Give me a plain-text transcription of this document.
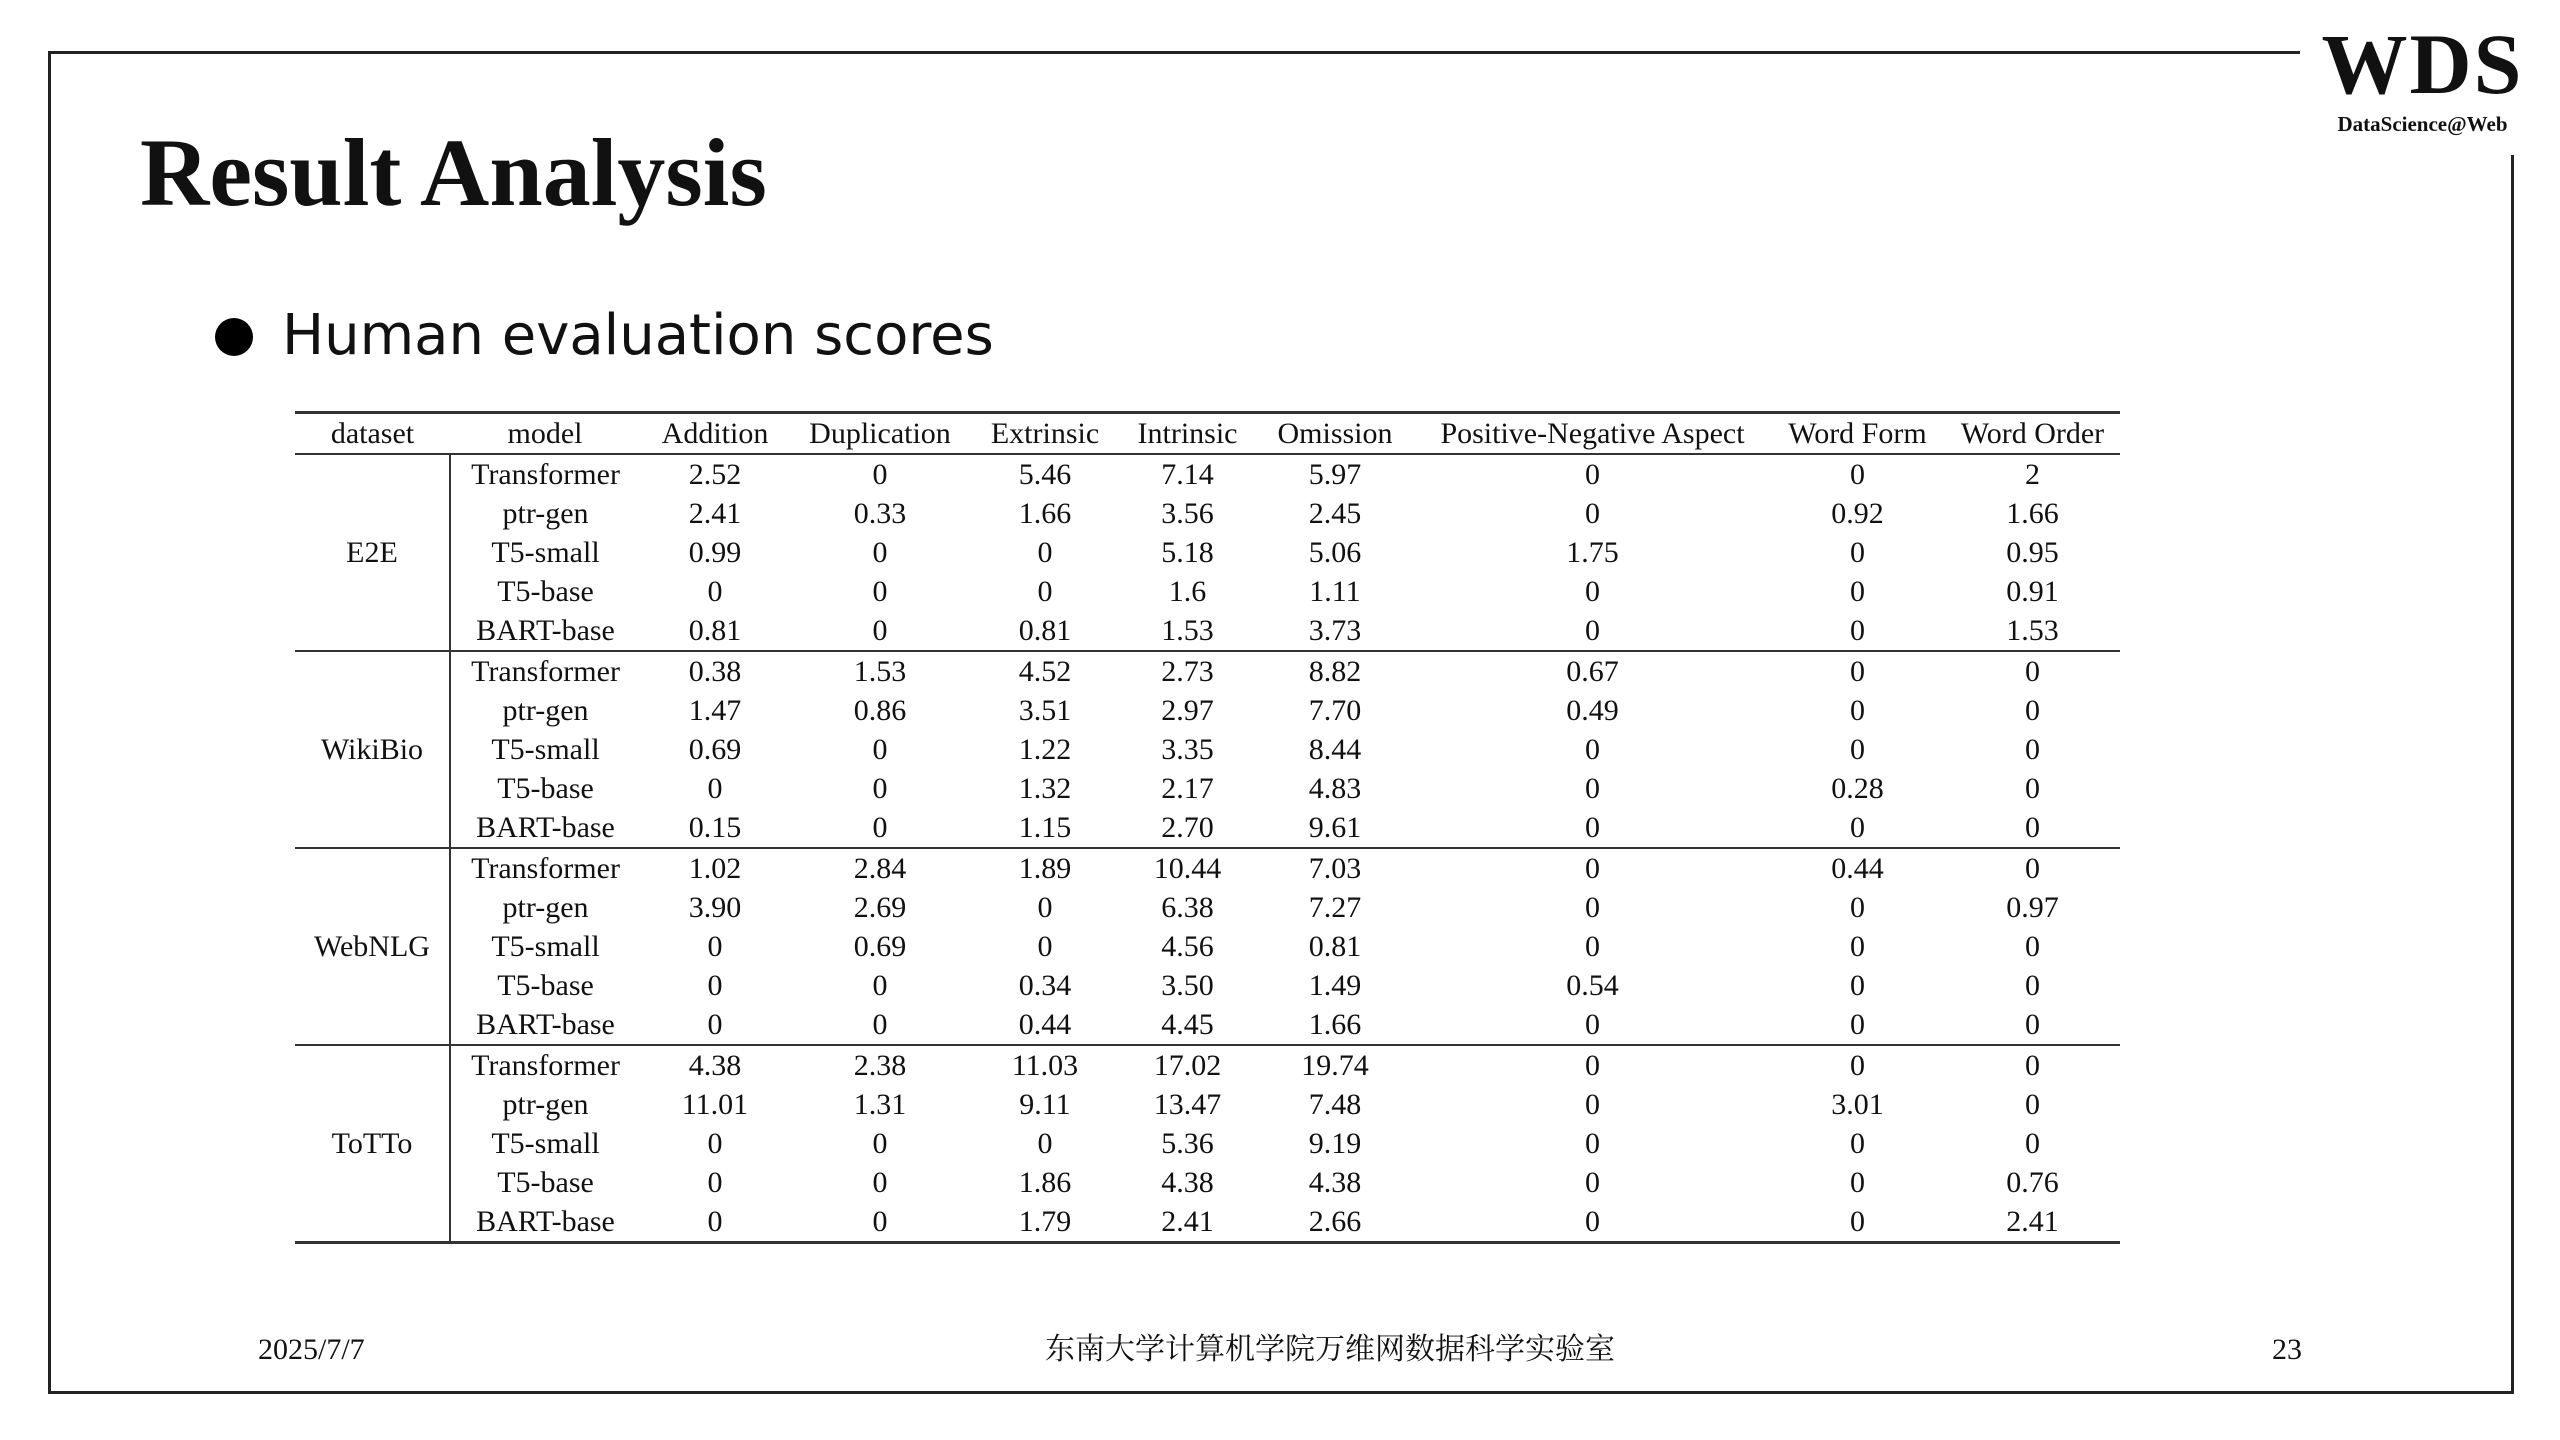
WDS
DataScience@Web
Result Analysis
Human evaluation scores
dataset	model	Addition	Duplication	Extrinsic	Intrinsic	Omission	Positive-Negative Aspect	Word Form	Word Order
E2E	Transformer	2.52	0	5.46	7.14	5.97	0	0	2
	ptr-gen	2.41	0.33	1.66	3.56	2.45	0	0.92	1.66
	T5-small	0.99	0	0	5.18	5.06	1.75	0	0.95
	T5-base	0	0	0	1.6	1.11	0	0	0.91
	BART-base	0.81	0	0.81	1.53	3.73	0	0	1.53
WikiBio	Transformer	0.38	1.53	4.52	2.73	8.82	0.67	0	0
	ptr-gen	1.47	0.86	3.51	2.97	7.70	0.49	0	0
	T5-small	0.69	0	1.22	3.35	8.44	0	0	0
	T5-base	0	0	1.32	2.17	4.83	0	0.28	0
	BART-base	0.15	0	1.15	2.70	9.61	0	0	0
WebNLG	Transformer	1.02	2.84	1.89	10.44	7.03	0	0.44	0
	ptr-gen	3.90	2.69	0	6.38	7.27	0	0	0.97
	T5-small	0	0.69	0	4.56	0.81	0	0	0
	T5-base	0	0	0.34	3.50	1.49	0.54	0	0
	BART-base	0	0	0.44	4.45	1.66	0	0	0
ToTTo	Transformer	4.38	2.38	11.03	17.02	19.74	0	0	0
	ptr-gen	11.01	1.31	9.11	13.47	7.48	0	3.01	0
	T5-small	0	0	0	5.36	9.19	0	0	0
	T5-base	0	0	1.86	4.38	4.38	0	0	0.76
	BART-base	0	0	1.79	2.41	2.66	0	0	2.41
2025/7/7	东南大学计算机学院万维网数据科学实验室	23
